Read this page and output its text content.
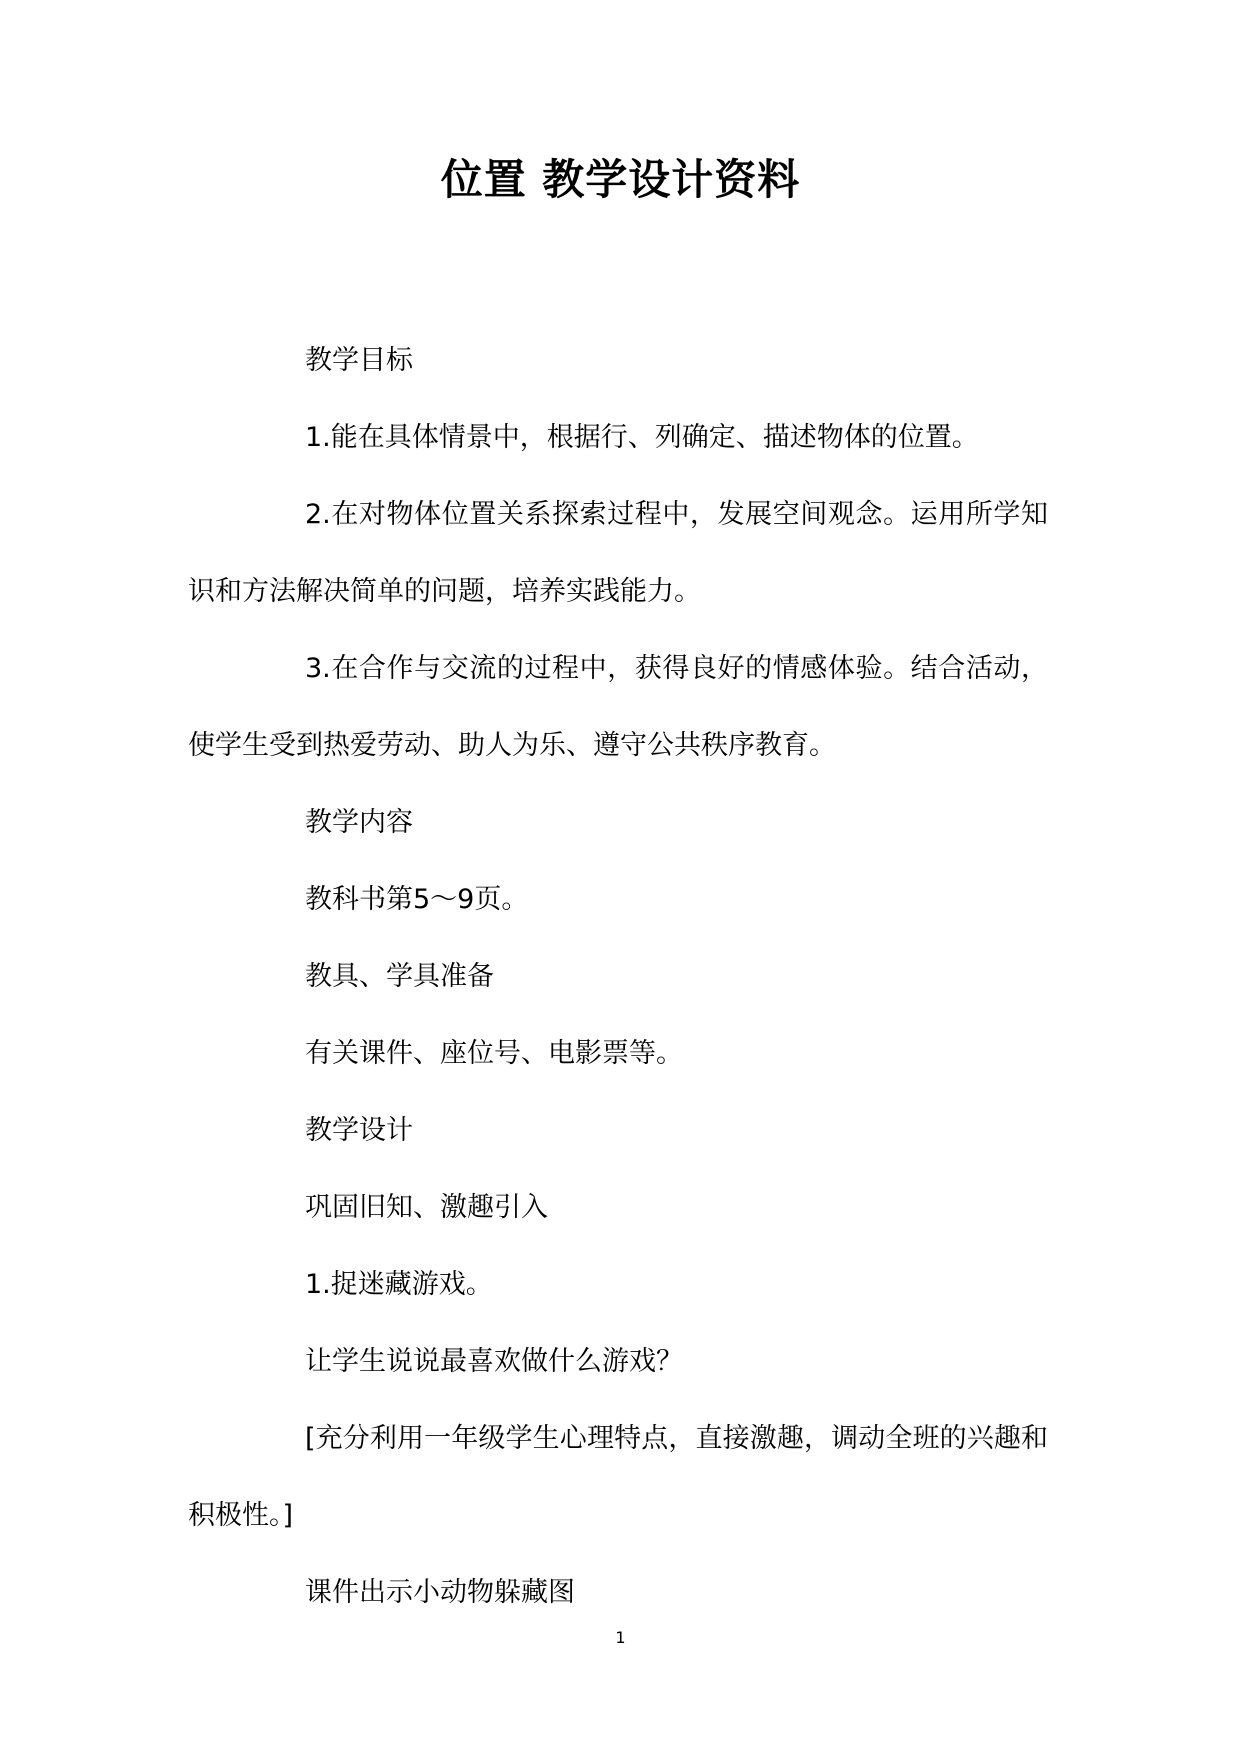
位置 教学设计资料

教学目标

1.能在具体情景中，根据行、列确定、描述物体的位置。

2.在对物体位置关系探索过程中，发展空间观念。运用所学知识和方法解决简单的问题，培养实践能力。

3.在合作与交流的过程中，获得良好的情感体验。结合活动，使学生受到热爱劳动、助人为乐、遵守公共秩序教育。

教学内容

教科书第5～9页。

教具、学具准备

有关课件、座位号、电影票等。

教学设计

巩固旧知、激趣引入

1.捉迷藏游戏。

让学生说说最喜欢做什么游戏？

[充分利用一年级学生心理特点，直接激趣，调动全班的兴趣和积极性。]

课件出示小动物躲藏图

1
